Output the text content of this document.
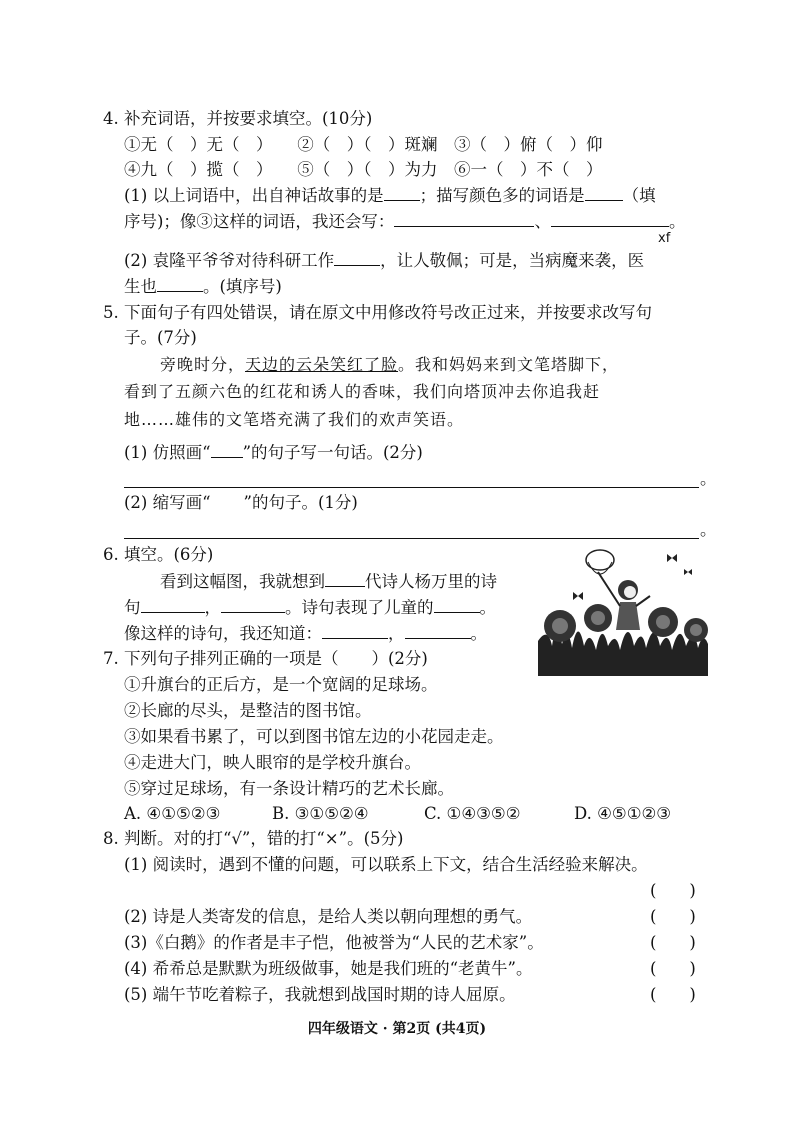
4. 补充词语，并按要求填空。(10分)
①无（　）无（　）　　②（　）（　）斑斓　③（　）俯（　）仰
④九（　）揽（　）　　⑤（　）（　）为力　⑥一（　）不（　）
(1) 以上词语中，出自神话故事的是 ；描写颜色多的词语是 （填
序号)；像③这样的词语，我还会写：	、	。
xf
(2) 袁隆平爷爷对待科研工作	，让人敬佩；可是，当病魔来袭，医
生也	。(填序号)
5. 下面句子有四处错误，请在原文中用修改符号改正过来，并按要求改写句
子。(7分)
旁晚时分，天边的云朵笑红了脸。我和妈妈来到文笔塔脚下，
看到了五颜六色的红花和诱人的香味，我们向塔顶冲去你追我赶
地……雄伟的文笔塔充满了我们的欢声笑语。
(1) 仿照画“ ”的句子写一句话。(2分)
。
(2) 缩写画“　　”的句子。(1分)
。
6. 填空。(6分)
看到这幅图，我就想到 代诗人杨万里的诗
句	，	。诗句表现了儿童的	。
像这样的诗句，我还知道：	，	。
7. 下列句子排列正确的一项是（　　）(2分)
①升旗台的正后方，是一个宽阔的足球场。
②长廊的尽头，是整洁的图书馆。
③如果看书累了，可以到图书馆左边的小花园走走。
④走进大门，映人眼帘的是学校升旗台。
⑤穿过足球场，有一条设计精巧的艺术长廊。
A. ④①⑤②③	B. ③①⑤②④	C. ①④③⑤②	D. ④⑤①②③
8. 判断。对的打“√”，错的打“×”。(5分)
(1) 阅读时，遇到不懂的问题，可以联系上下文，结合生活经验来解决。
(　　)
(2) 诗是人类寄发的信息，是给人类以朝向理想的勇气。	(　　)
(3)《白鹅》的作者是丰子恺，他被誉为“人民的艺术家”。	(　　)
(4) 希希总是默默为班级做事，她是我们班的“老黄牛”。	(　　)
(5) 端午节吃着粽子，我就想到战国时期的诗人屈原。	(　　)
四年级语文 · 第2页 (共4页)
